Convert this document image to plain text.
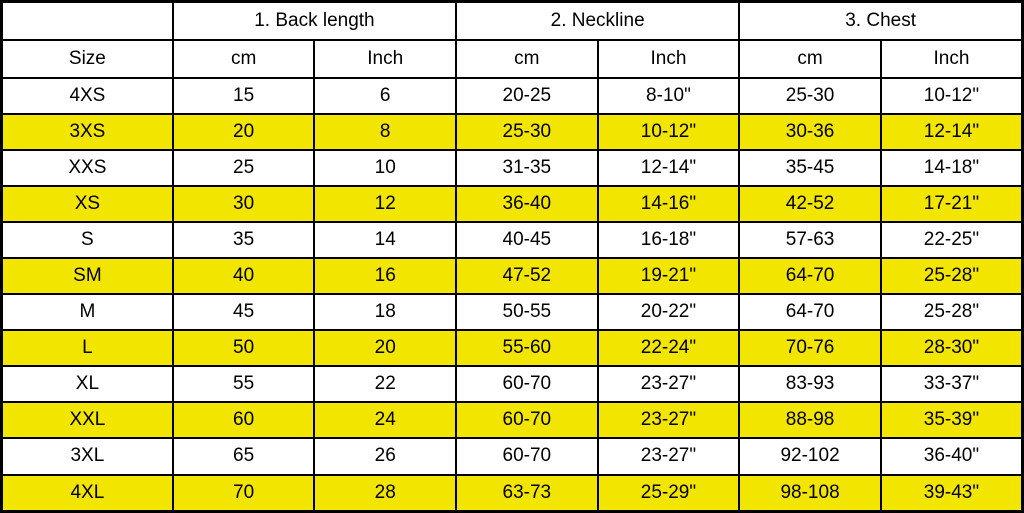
	1. Back length		2. Neckline		3. Chest	
Size	cm	Inch	cm	Inch	cm	Inch
4XS	15	6	20-25	8-10"	25-30	10-12"
3XS	20	8	25-30	10-12"	30-36	12-14"
XXS	25	10	31-35	12-14"	35-45	14-18"
XS	30	12	36-40	14-16"	42-52	17-21"
S	35	14	40-45	16-18"	57-63	22-25"
SM	40	16	47-52	19-21"	64-70	25-28"
M	45	18	50-55	20-22"	64-70	25-28"
L	50	20	55-60	22-24"	70-76	28-30"
XL	55	22	60-70	23-27"	83-93	33-37"
XXL	60	24	60-70	23-27"	88-98	35-39"
3XL	65	26	60-70	23-27"	92-102	36-40"
4XL	70	28	63-73	25-29"	98-108	39-43"
